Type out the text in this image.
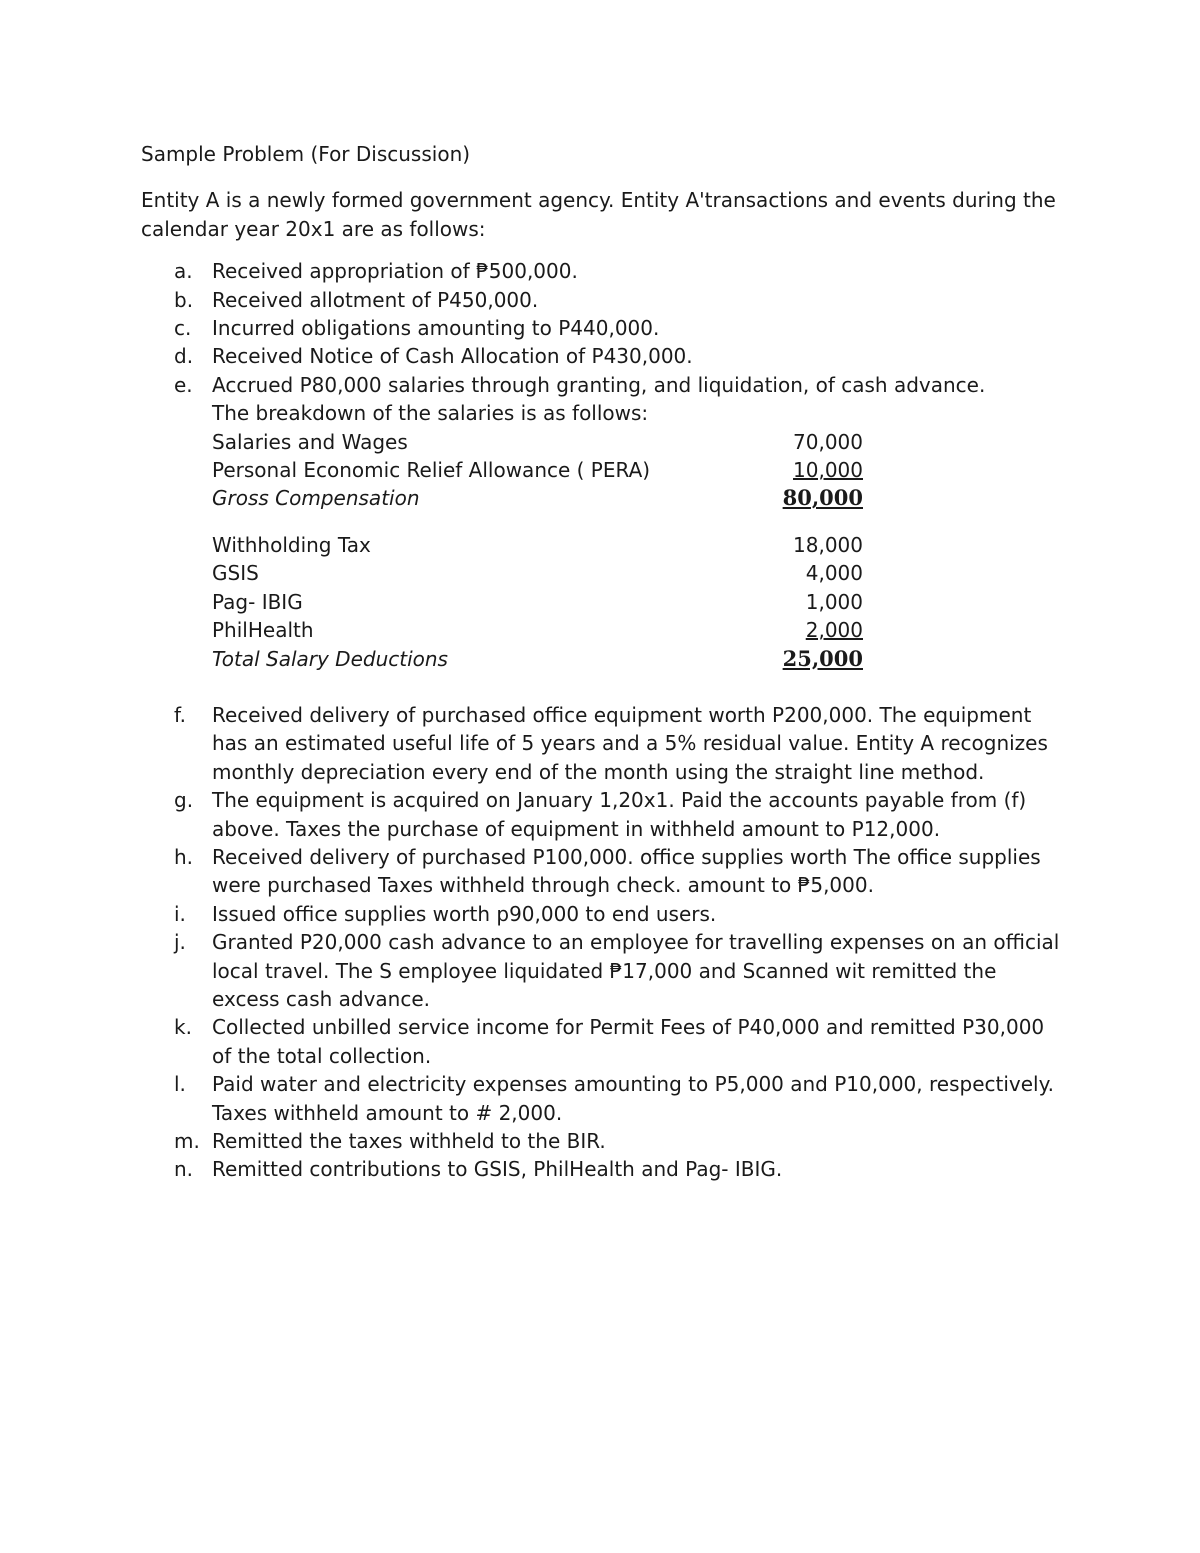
Sample Problem (For Discussion)

Entity A is a newly formed government agency. Entity A'transactions and events during the calendar year 20x1 are as follows:

a. Received appropriation of ₱500,000.
b. Received allotment of P450,000.
c. Incurred obligations amounting to P440,000.
d. Received Notice of Cash Allocation of P430,000.
e. Accrued P80,000 salaries through granting, and liquidation, of cash advance.

The breakdown of the salaries is as follows:

Salaries and Wages	70,000
Personal Economic Relief Allowance ( PERA)	10,000
Gross Compensation	80,000

Withholding Tax	18,000
GSIS	4,000
Pag- IBIG	1,000
PhilHealth	2,000
Total Salary Deductions	25,000
f. Received delivery of purchased office equipment worth P200,000. The equipment has an estimated useful life of 5 years and a 5% residual value. Entity A recognizes monthly depreciation every end of the month using the straight line method.
g. The equipment is acquired on January 1,20x1. Paid the accounts payable from (f) above. Taxes the purchase of equipment in withheld amount to P12,000.
h. Received delivery of purchased P100,000. office supplies worth The office supplies were purchased Taxes withheld through check. amount to ₱5,000.
i. Issued office supplies worth p90,000 to end users.
j. Granted P20,000 cash advance to an employee for travelling expenses on an official local travel. The S employee liquidated ₱17,000 and Scanned wit remitted the excess cash advance.
k. Collected unbilled service income for Permit Fees of P40,000 and remitted P30,000 of the total collection.
l. Paid water and electricity expenses amounting to P5,000 and P10,000, respectively. Taxes withheld amount to # 2,000.
m. Remitted the taxes withheld to the BIR.
n. Remitted contributions to GSIS, PhilHealth and Pag- IBIG.
